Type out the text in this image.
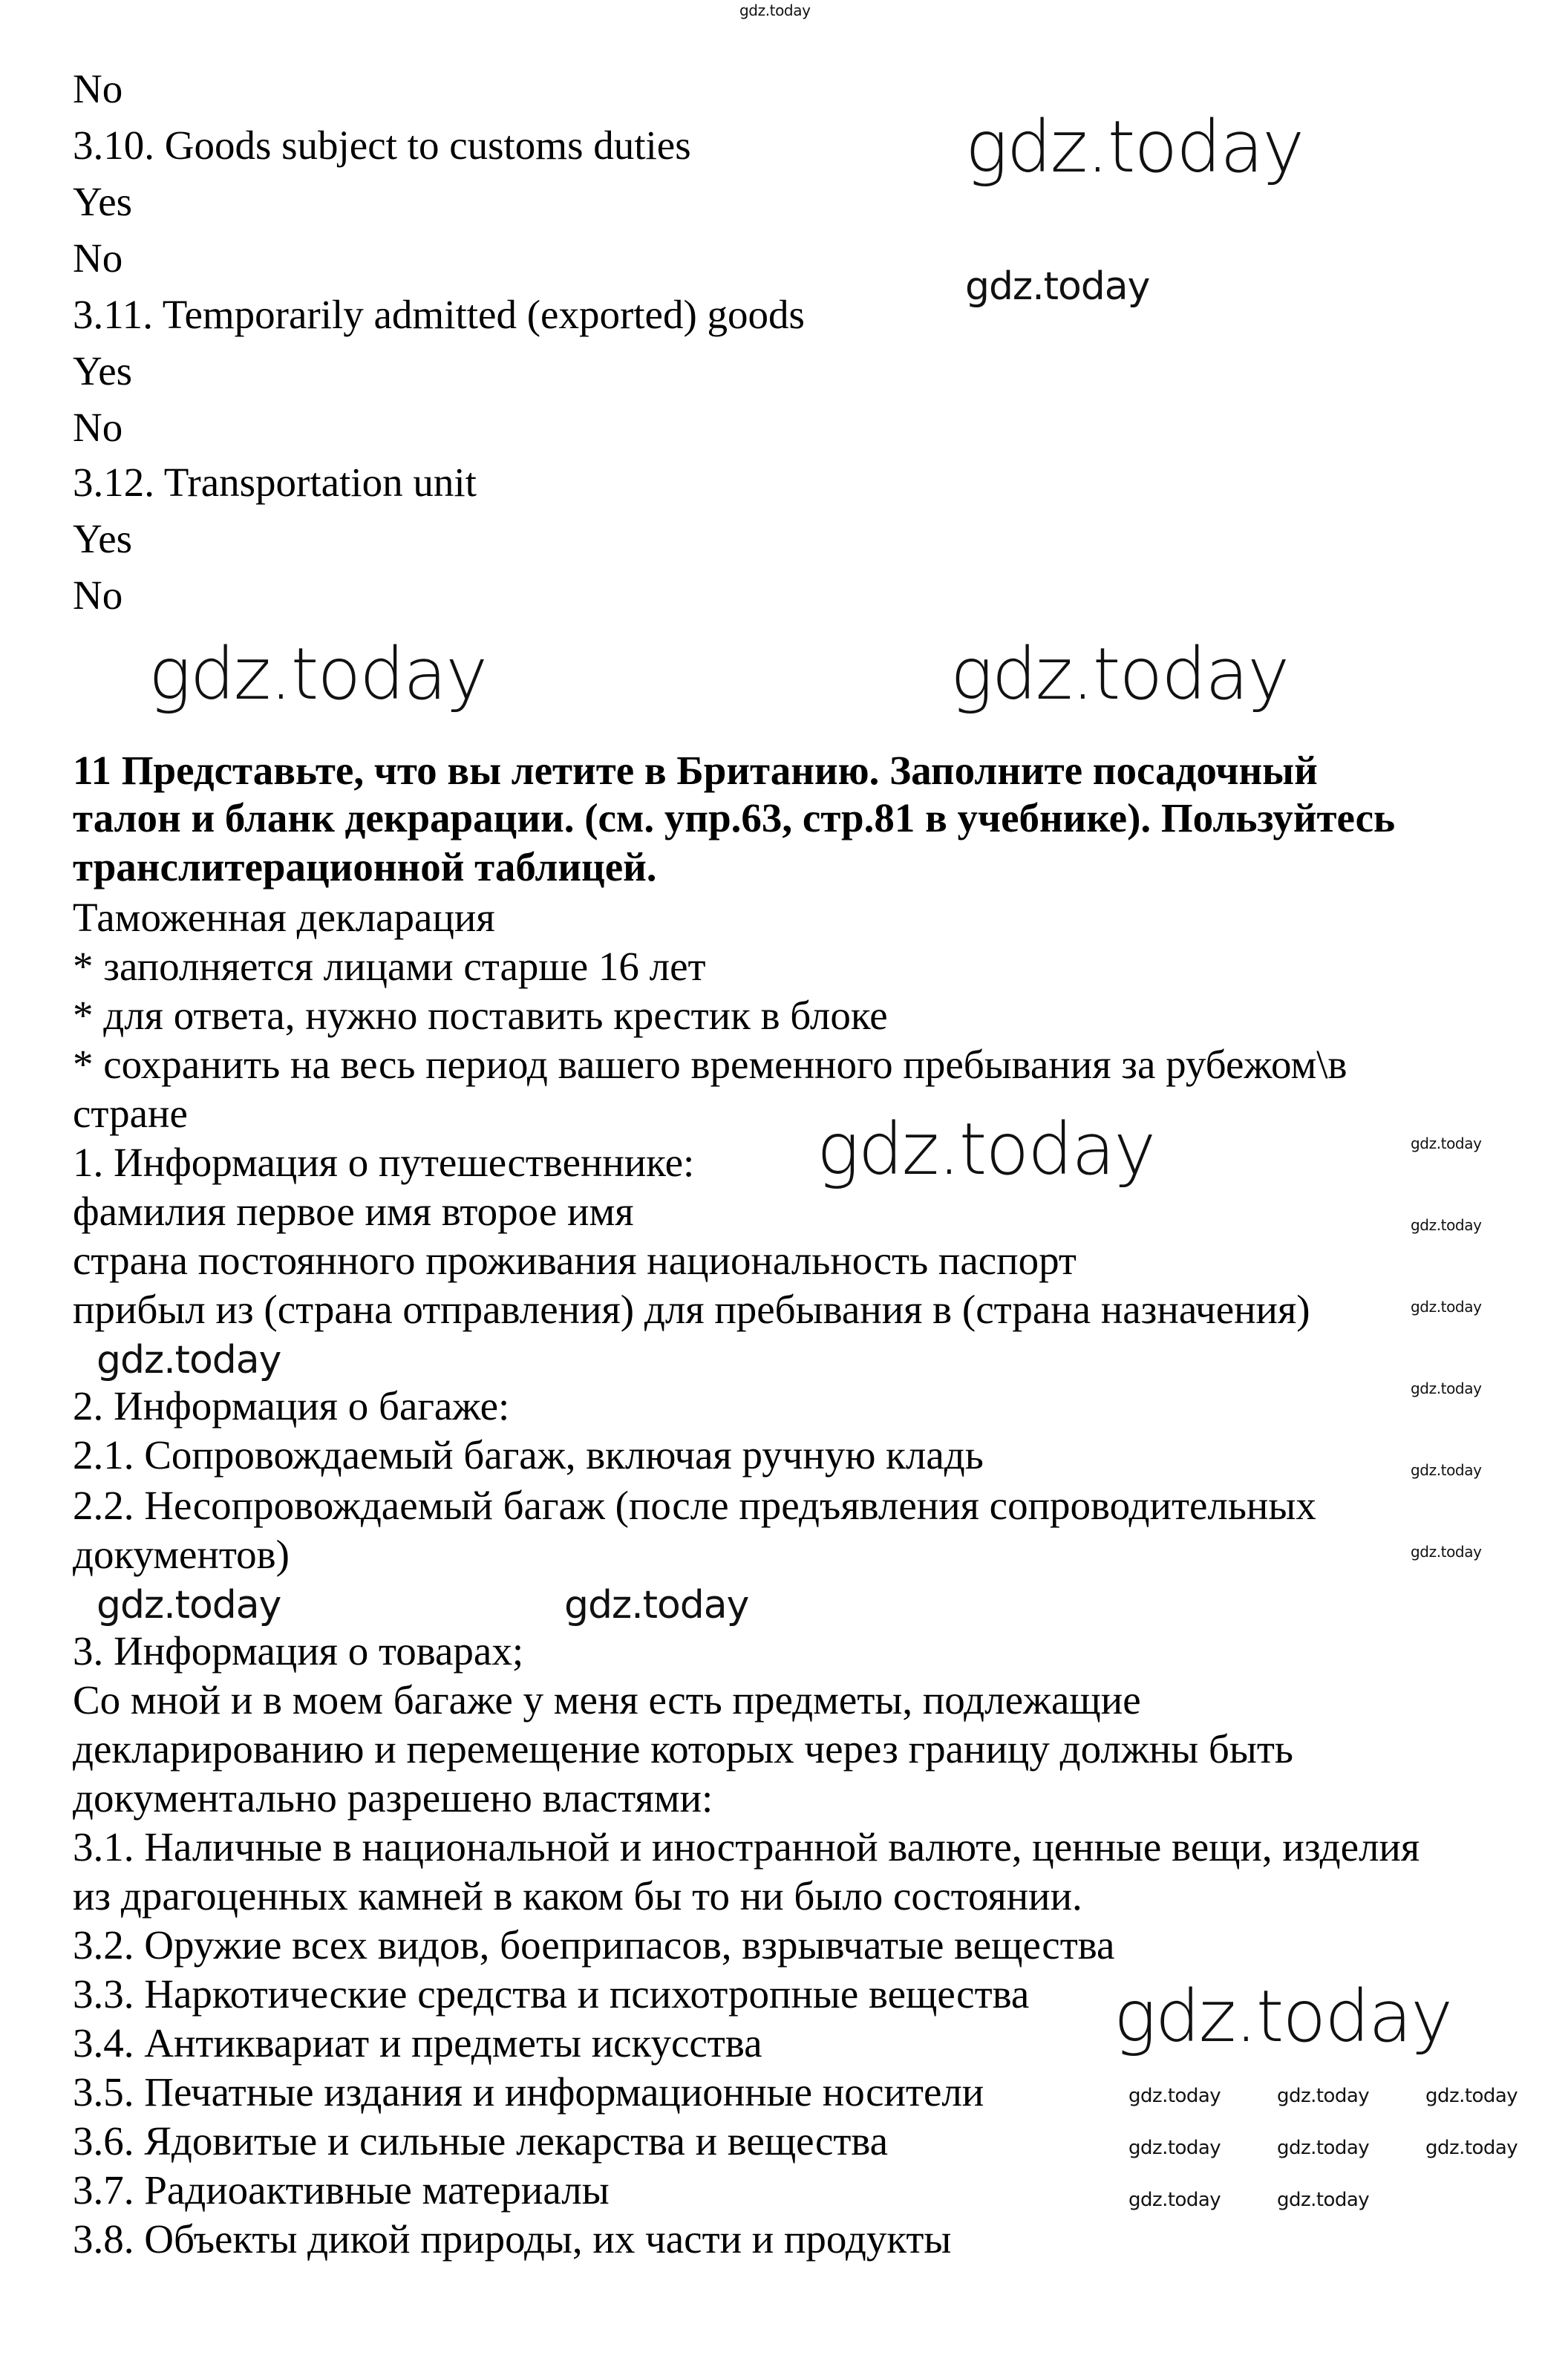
No
3.10. Goods subject to customs duties
Yes
No
3.11. Temporarily admitted (exported) goods
Yes
No
3.12. Transportation unit
Yes
No
11 Представьте, что вы летите в Британию. Заполните посадочный
талон и бланк декрарации. (см. упр.63, стр.81 в учебнике). Пользуйтесь
транслитерационной таблицей.
Таможенная декларация
* заполняется лицами старше 16 лет
* для ответа, нужно поставить крестик в блоке
* сохранить на весь период вашего временного пребывания за рубежом\в
стране
1. Информация о путешественнике:
фамилия первое имя второе имя
страна постоянного проживания национальность паспорт
прибыл из (страна отправления) для пребывания в (страна назначения)
2. Информация о багаже:
2.1. Сопровождаемый багаж, включая ручную кладь
2.2. Несопровождаемый багаж (после предъявления сопроводительных
документов)
3. Информация о товарах;
Со мной и в моем багаже у меня есть предметы, подлежащие
декларированию и перемещение которых через границу должны быть
документально разрешено властями:
3.1. Наличные в национальной и иностранной валюте, ценные вещи, изделия
из драгоценных камней в каком бы то ни было состоянии.
3.2. Оружие всех видов, боеприпасов, взрывчатые вещества
3.3. Наркотические средства и психотропные вещества
3.4. Антиквариат и предметы искусства
3.5. Печатные издания и информационные носители
3.6. Ядовитые и сильные лекарства и вещества
3.7. Радиоактивные материалы
3.8. Объекты дикой природы, их части и продукты
gdz.today
gdz.today
gdz.today
gdz.today	gdz.today
gdz.today
gdz.today
gdz.today	gdz.today
gdz.today
gdz.today
gdz.today
gdz.today
gdz.today
gdz.today
gdz.today
gdz.today	gdz.today	gdz.today
gdz.today	gdz.today	gdz.today
gdz.today	gdz.today
